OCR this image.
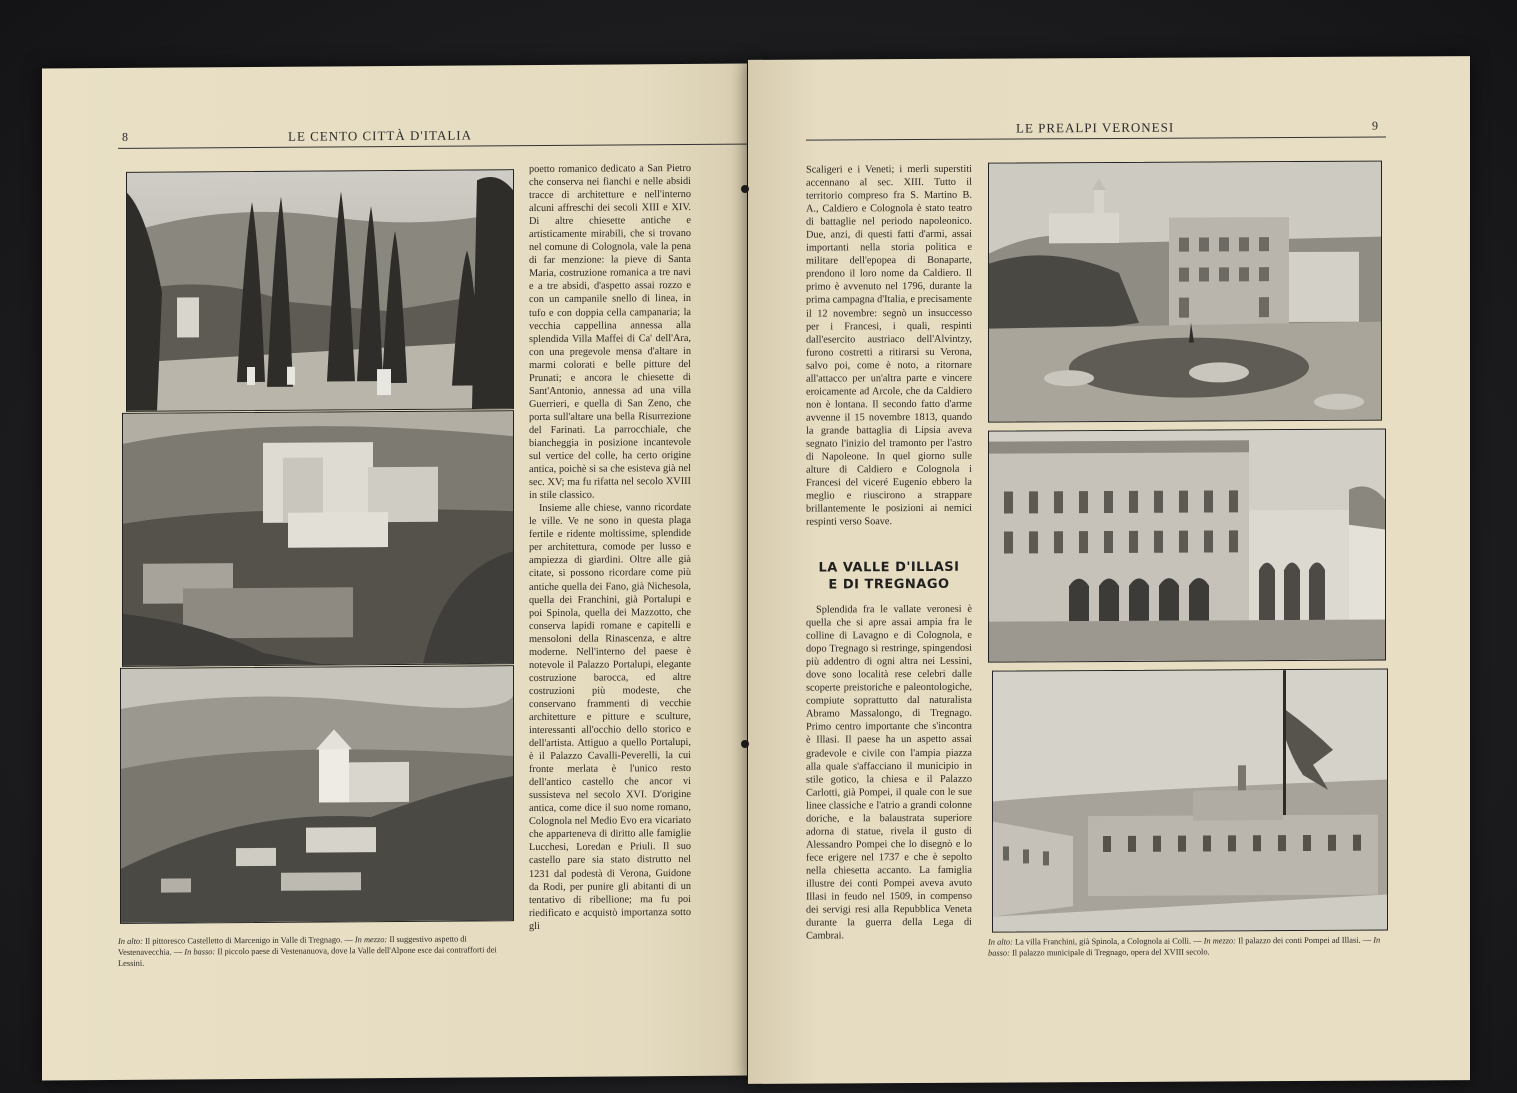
8	LE CENTO CITTÀ D'ITALIA
In alto: Il pittoresco Castelletto di Marcenigo in Valle di Tregnago. — In mezzo: Il suggestivo aspetto di Vestenavecchia. — In basso: Il piccolo paese di Vestenanuova, dove la Valle dell'Alpone esce dai contrafforti dei Lessini.

poetto romanico dedicato a San Pietro che conserva nei fianchi e nelle absidi tracce di architetture e nell'interno alcuni affreschi dei secoli XIII e XIV. Di altre chiesette antiche e artisticamente mirabili, che si trovano nel comune di Colognola, vale la pena di far menzione: la pieve di Santa Maria, costruzione romanica a tre navi e a tre absidi, d'aspetto assai rozzo e con un campanile snello di linea, in tufo e con doppia cella campanaria; la vecchia cappellina annessa alla splendida Villa Maffei di Ca' dell'Ara, con una pregevole mensa d'altare in marmi colorati e belle pitture del Prunati; e ancora le chiesette di Sant'Antonio, annessa ad una villa Guerrieri, e quella di San Zeno, che porta sull'altare una bella Risurrezione del Farinati. La parrocchiale, che biancheggia in posizione incantevole sul vertice del colle, ha certo origine antica, poichè si sa che esisteva già nel sec. XV; ma fu rifatta nel secolo XVIII in stile classico.

Insieme alle chiese, vanno ricordate le ville. Ve ne sono in questa plaga fertile e ridente moltissime, splendide per architettura, comode per lusso e ampiezza di giardini. Oltre alle già citate, si possono ricordare come più antiche quella dei Fano, già Nichesola, quella dei Franchini, già Portalupi e poi Spinola, quella dei Mazzotto, che conserva lapidi romane e capitelli e mensoloni della Rinascenza, e altre moderne. Nell'interno del paese è notevole il Palazzo Portalupi, elegante costruzione barocca, ed altre costruzioni più modeste, che conservano frammenti di vecchie architetture e pitture e sculture, interessanti all'occhio dello storico e dell'artista. Attiguo a quello Portalupi, è il Palazzo Cavalli-Peverelli, la cui fronte merlata è l'unico resto dell'antico castello che ancor vi sussisteva nel secolo XVI. D'origine antica, come dice il suo nome romano, Colognola nel Medio Evo era vicariato che apparteneva di diritto alle famiglie Lucchesi, Loredan e Priuli. Il suo castello pare sia stato distrutto nel 1231 dal podestà di Verona, Guidone da Rodi, per punire gli abitanti di un tentativo di ribellione; ma fu poi riedificato e acquistò importanza sotto gli

LE PREALPI VERONESI	9

Scaligeri e i Veneti; i merli superstiti accennano al sec. XIII. Tutto il territorio compreso fra S. Martino B. A., Caldiero e Colognola è stato teatro di battaglie nel periodo napoleonico. Due, anzi, di questi fatti d'armi, assai importanti nella storia politica e militare dell'epopea di Bonaparte, prendono il loro nome da Caldiero. Il primo è avvenuto nel 1796, durante la prima campagna d'Italia, e precisamente il 12 novembre: segnò un insuccesso per i Francesi, i quali, respinti dall'esercito austriaco dell'Alvintzy, furono costretti a ritirarsi su Verona, salvo poi, come è noto, a ritornare all'attacco per un'altra parte e vincere eroicamente ad Arcole, che da Caldiero non è lontana. Il secondo fatto d'arme avvenne il 15 novembre 1813, quando la grande battaglia di Lipsia aveva segnato l'inizio del tramonto per l'astro di Napoleone. In quel giorno sulle alture di Caldiero e Colognola i Francesi del viceré Eugenio ebbero la meglio e riuscirono a strappare brillantemente le posizioni ai nemici respinti verso Soave.

LA VALLE D'ILLASI
E DI TREGNAGO

Splendida fra le vallate veronesi è quella che si apre assai ampia fra le colline di Lavagno e di Colognola, e dopo Tregnago si restringe, spingendosi più addentro di ogni altra nei Lessini, dove sono località rese celebri dalle scoperte preistoriche e paleontologiche, compiute soprattutto dal naturalista Abramo Massalongo, di Tregnago. Primo centro importante che s'incontra è Illasi. Il paese ha un aspetto assai gradevole e civile con l'ampia piazza alla quale s'affacciano il municipio in stile gotico, la chiesa e il Palazzo Carlotti, già Pompei, il quale con le sue linee classiche e l'atrio a grandi colonne doriche, e la balaustrata superiore adorna di statue, rivela il gusto di Alessandro Pompei che lo disegnò e lo fece erigere nel 1737 e che è sepolto nella chiesetta accanto. La famiglia illustre dei conti Pompei aveva avuto Illasi in feudo nel 1509, in compenso dei servigi resi alla Repubblica Veneta durante la guerra della Lega di Cambrai.

In alto: La villa Franchini, già Spinola, a Colognola ai Colli. — In mezzo: Il palazzo dei conti Pompei ad Illasi. — In basso: Il palazzo municipale di Tregnago, opera del XVIII secolo.
